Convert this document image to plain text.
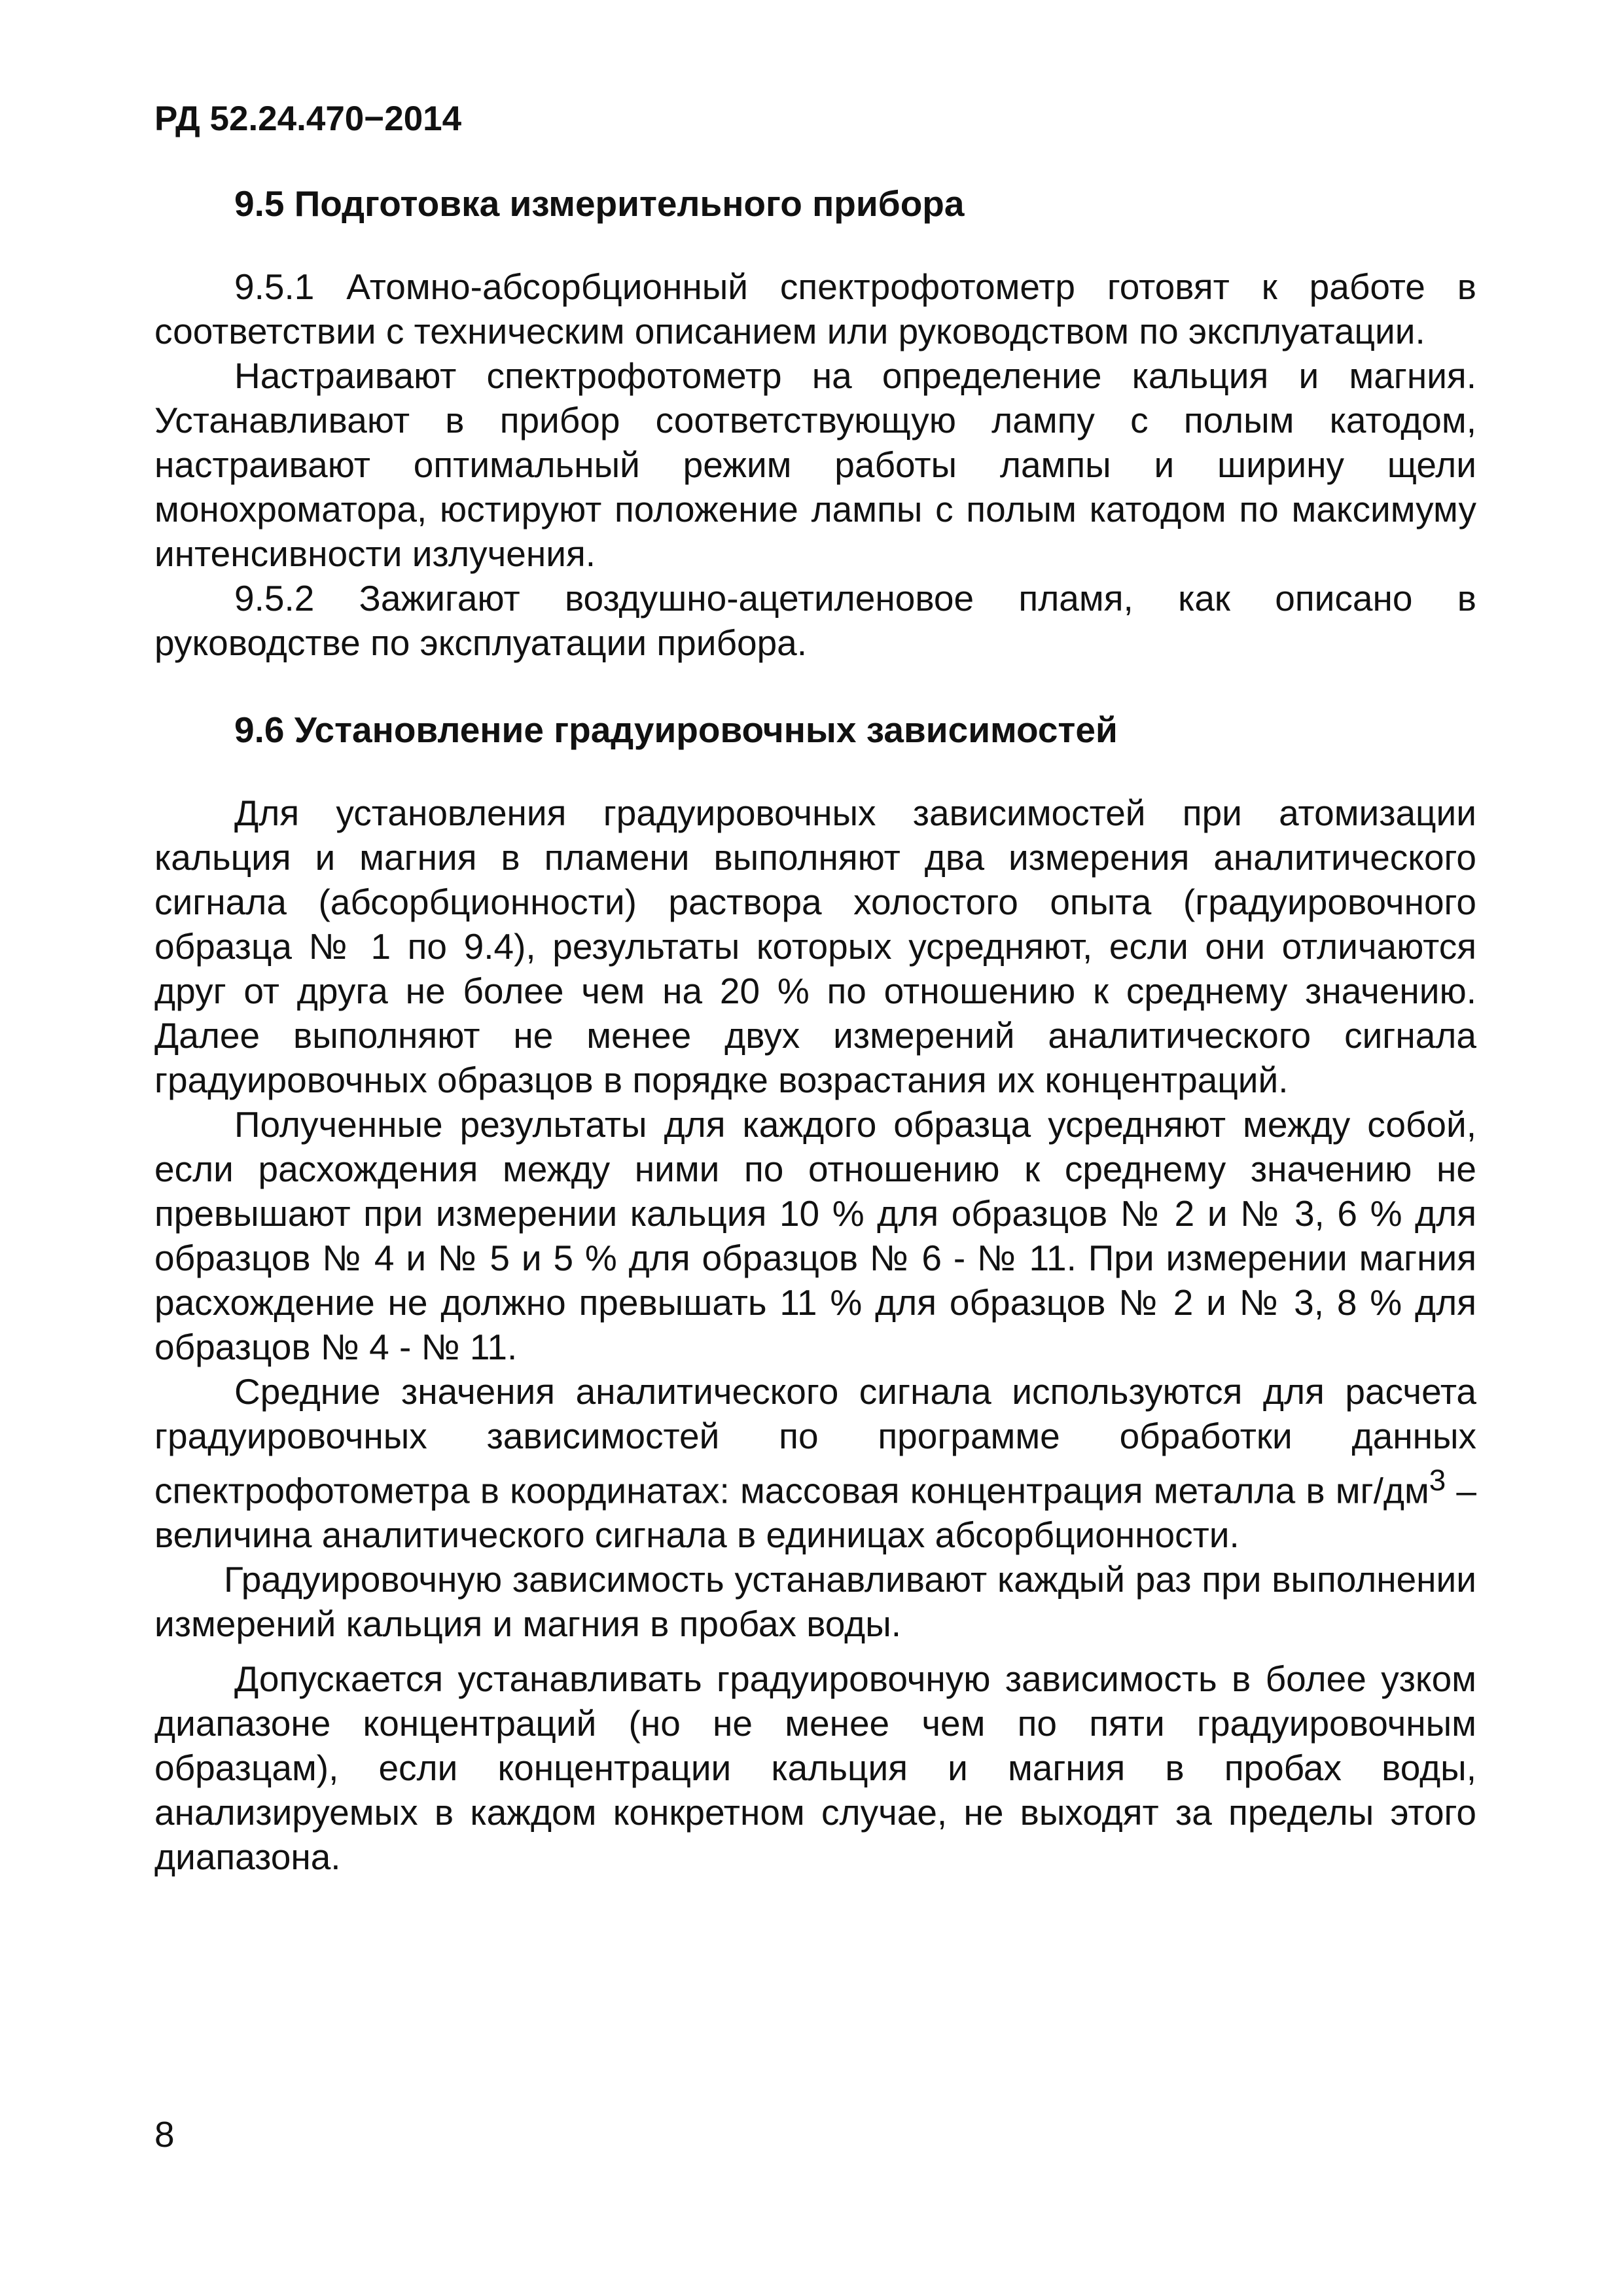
РД 52.24.470−2014
9.5 Подготовка измерительного прибора

9.5.1 Атомно-абсорбционный спектрофотометр готовят к работе в соответствии с техническим описанием или руководством по эксплуатации.

Настраивают спектрофотометр на определение кальция и магния. Устанавливают в прибор соответствующую лампу с полым катодом, настраивают оптимальный режим работы лампы и ширину щели монохроматора, юстируют положение лампы с полым катодом по максимуму интенсивности излучения.

9.5.2 Зажигают воздушно-ацетиленовое пламя, как описано в руководстве по эксплуатации прибора.

9.6 Установление градуировочных зависимостей

Для установления градуировочных зависимостей при атомизации кальция и магния в пламени выполняют два измерения аналитического сигнала (абсорбционности) раствора холостого опыта (градуировочного образца № 1 по 9.4), результаты которых усредняют, если они отличаются друг от друга не более чем на 20 % по отношению к среднему значению. Далее выполняют не менее двух измерений аналитического сигнала градуировочных образцов в порядке возрастания их концентраций.

Полученные результаты для каждого образца усредняют между собой, если расхождения между ними по отношению к среднему значению не превышают при измерении кальция 10 % для образцов № 2 и № 3, 6 % для образцов № 4 и № 5 и 5 % для образцов № 6 - № 11. При измерении магния расхождение не должно превышать 11 % для образцов № 2 и № 3, 8 % для образцов № 4 - № 11.

Средние значения аналитического сигнала используются для расчета градуировочных зависимостей по программе обработки данных спектрофотометра в координатах: массовая концентрация металла в $мг/дм^3$ – величина аналитического сигнала в единицах абсорбционности.

Градуировочную зависимость устанавливают каждый раз при выполнении измерений кальция и магния в пробах воды.

Допускается устанавливать градуировочную зависимость в более узком диапазоне концентраций (но не менее чем по пяти градуировочным образцам), если концентрации кальция и магния в пробах воды, анализируемых в каждом конкретном случае, не выходят за пределы этого диапазона.

8
